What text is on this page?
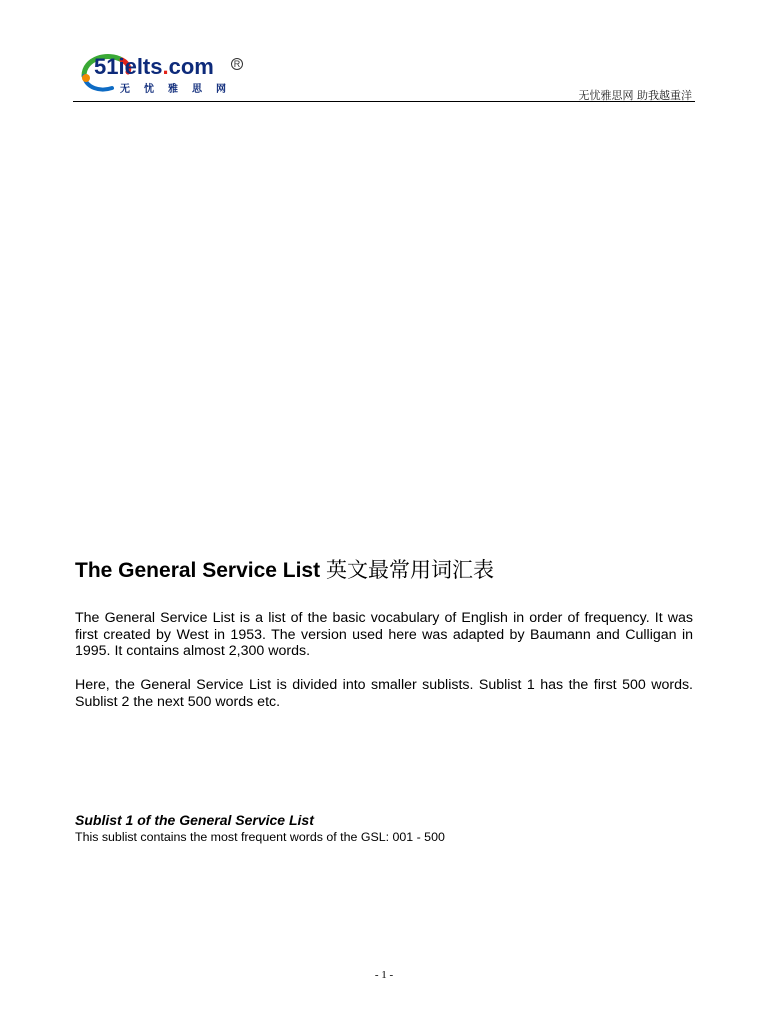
51ielts.com	R
无忧雅思网	无忧雅思网 助我越重洋
The General Service List 英文最常用词汇表

The General Service List is a list of the basic vocabulary of English in order of frequency. It was first created by West in 1953. The version used here was adapted by Baumann and Culligan in 1995. It contains almost 2,300 words.

Here, the General Service List is divided into smaller sublists. Sublist 1 has the first 500 words. Sublist 2 the next 500 words etc.

Sublist 1 of the General Service List

This sublist contains the most frequent words of the GSL: 001 - 500

- 1 -
